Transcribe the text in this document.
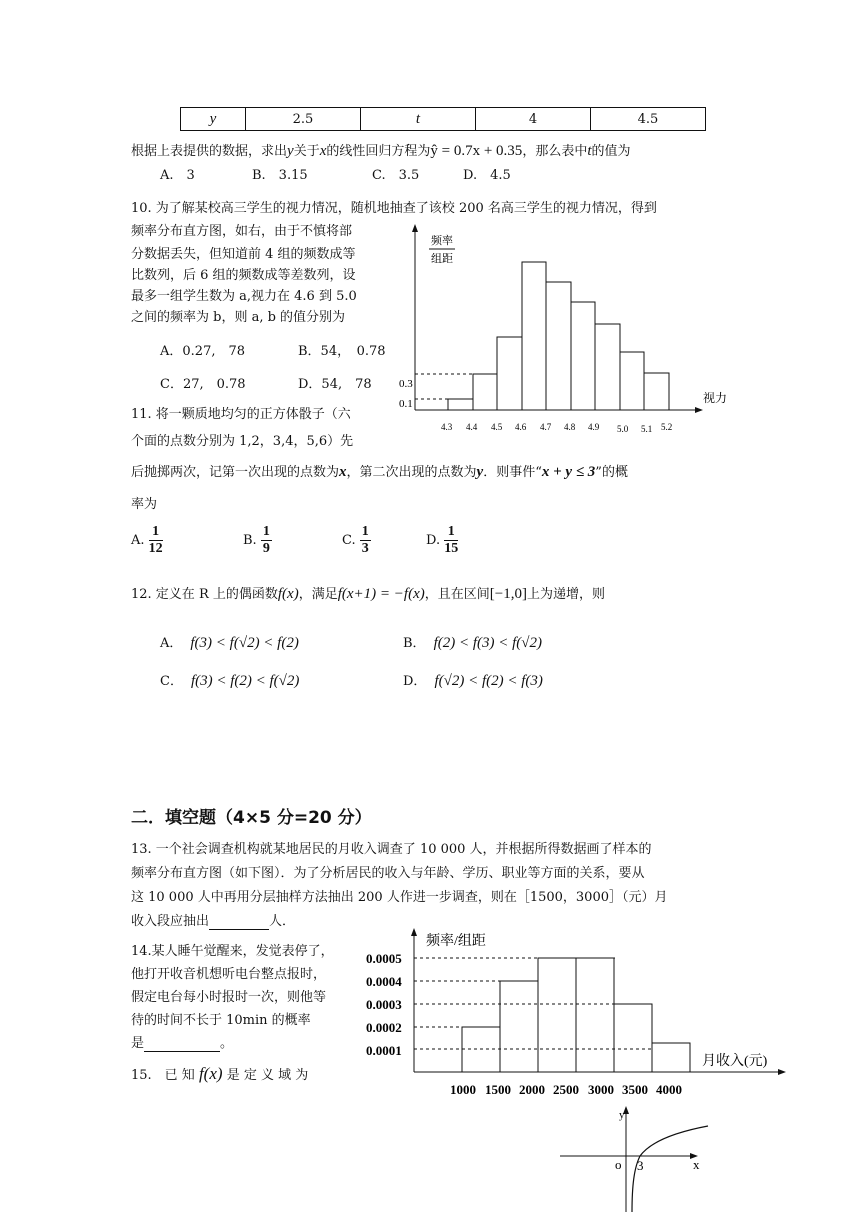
y	2.5	t	4	4.5
根据上表提供的数据，求出y关于x的线性回归方程为ŷ = 0.7x + 0.35，那么表中t的值为
A.　3	B.　3.15	C.　3.5	D.　4.5
10. 为了解某校高三学生的视力情况，随机地抽查了该校 200 名高三学生的视力情况，得到
频率分布直方图，如右，由于不慎将部
分数据丢失，但知道前 4 组的频数成等
比数列，后 6 组的频数成等差数列，设
最多一组学生数为 a,视力在 4.6 到 5.0
之间的频率为 b，则 a, b 的值分别为
A．0.27,　78	B．54，　0.78
C．27,　0.78	D．54,　78
频率
组距
视力
0.3
0.1
4.3 4.4 4.5 4.6 4.7 4.8 4.9 5.0 5.1 5.2
11. 将一颗质地均匀的正方体骰子（六
个面的点数分别为 1,2，3,4，5,6）先
后抛掷两次，记第一次出现的点数为x，第二次出现的点数为y．则事件“x + y ≤ 3”的概
率为
A. $\frac{1}{12}$	B. $\frac{1}{9}$	C. $\frac{1}{3}$	D. $\frac{1}{15}$
12. 定义在 R 上的偶函数f(x)，满足f(x+1) = −f(x)，且在区间[−1,0]上为递增，则
A． f(3) < f(√2) < f(2)	B． f(2) < f(3) < f(√2)
C． f(3) < f(2) < f(√2)	D． f(√2) < f(2) < f(3)
二．填空题（4×5 分=20 分）
13. 一个社会调查机构就某地居民的月收入调查了 10 000 人，并根据所得数据画了样本的
频率分布直方图（如下图）．为了分析居民的收入与年龄、学历、职业等方面的关系，要从
这 10 000 人中再用分层抽样方法抽出 200 人作进一步调查，则在［1500，3000］（元）月
收入段应抽出	人．
14.某人睡午觉醒来，发觉表停了，
他打开收音机想听电台整点报时，
假定电台每小时报时一次，则他等
待的时间不长于 10min 的概率
是	。
15.　已 知 f(x) 是 定 义 域 为
频率/组距
月收入(元)
0.0005
0.0004
0.0003
0.0002
0.0001
1000 1500 2000 2500 3000 3500 4000
x
y
o 3
